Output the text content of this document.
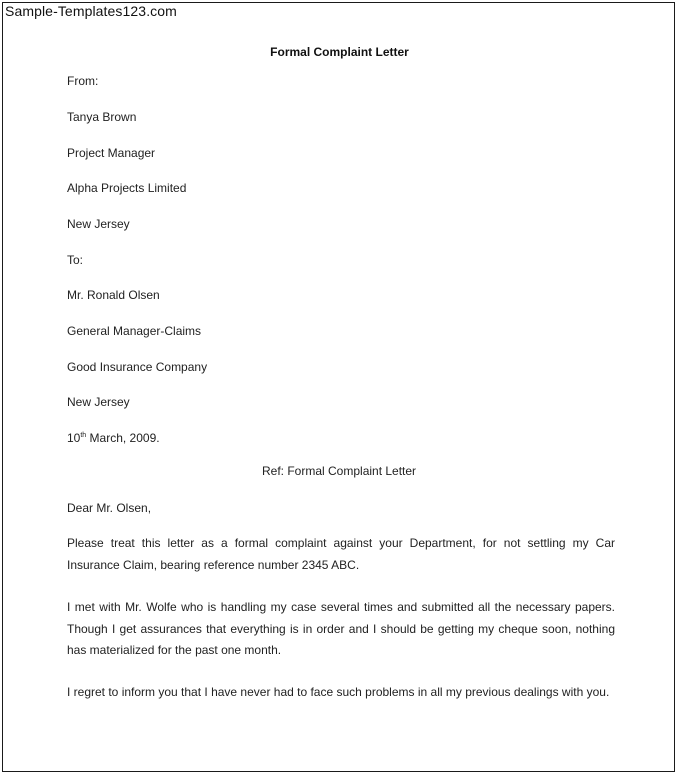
Sample-Templates123.com
Formal Complaint Letter
From:
Tanya Brown
Project Manager
Alpha Projects Limited
New Jersey
To:
Mr. Ronald Olsen
General Manager-Claims
Good Insurance Company
New Jersey
10th March, 2009.
Ref: Formal Complaint Letter
Dear Mr. Olsen,
Please treat this letter as a formal complaint against your Department, for not settling my Car Insurance Claim, bearing reference number 2345 ABC.
I met with Mr. Wolfe who is handling my case several times and submitted all the necessary papers. Though I get assurances that everything is in order and I should be getting my cheque soon, nothing has materialized for the past one month.
I regret to inform you that I have never had to face such problems in all my previous dealings with you.
